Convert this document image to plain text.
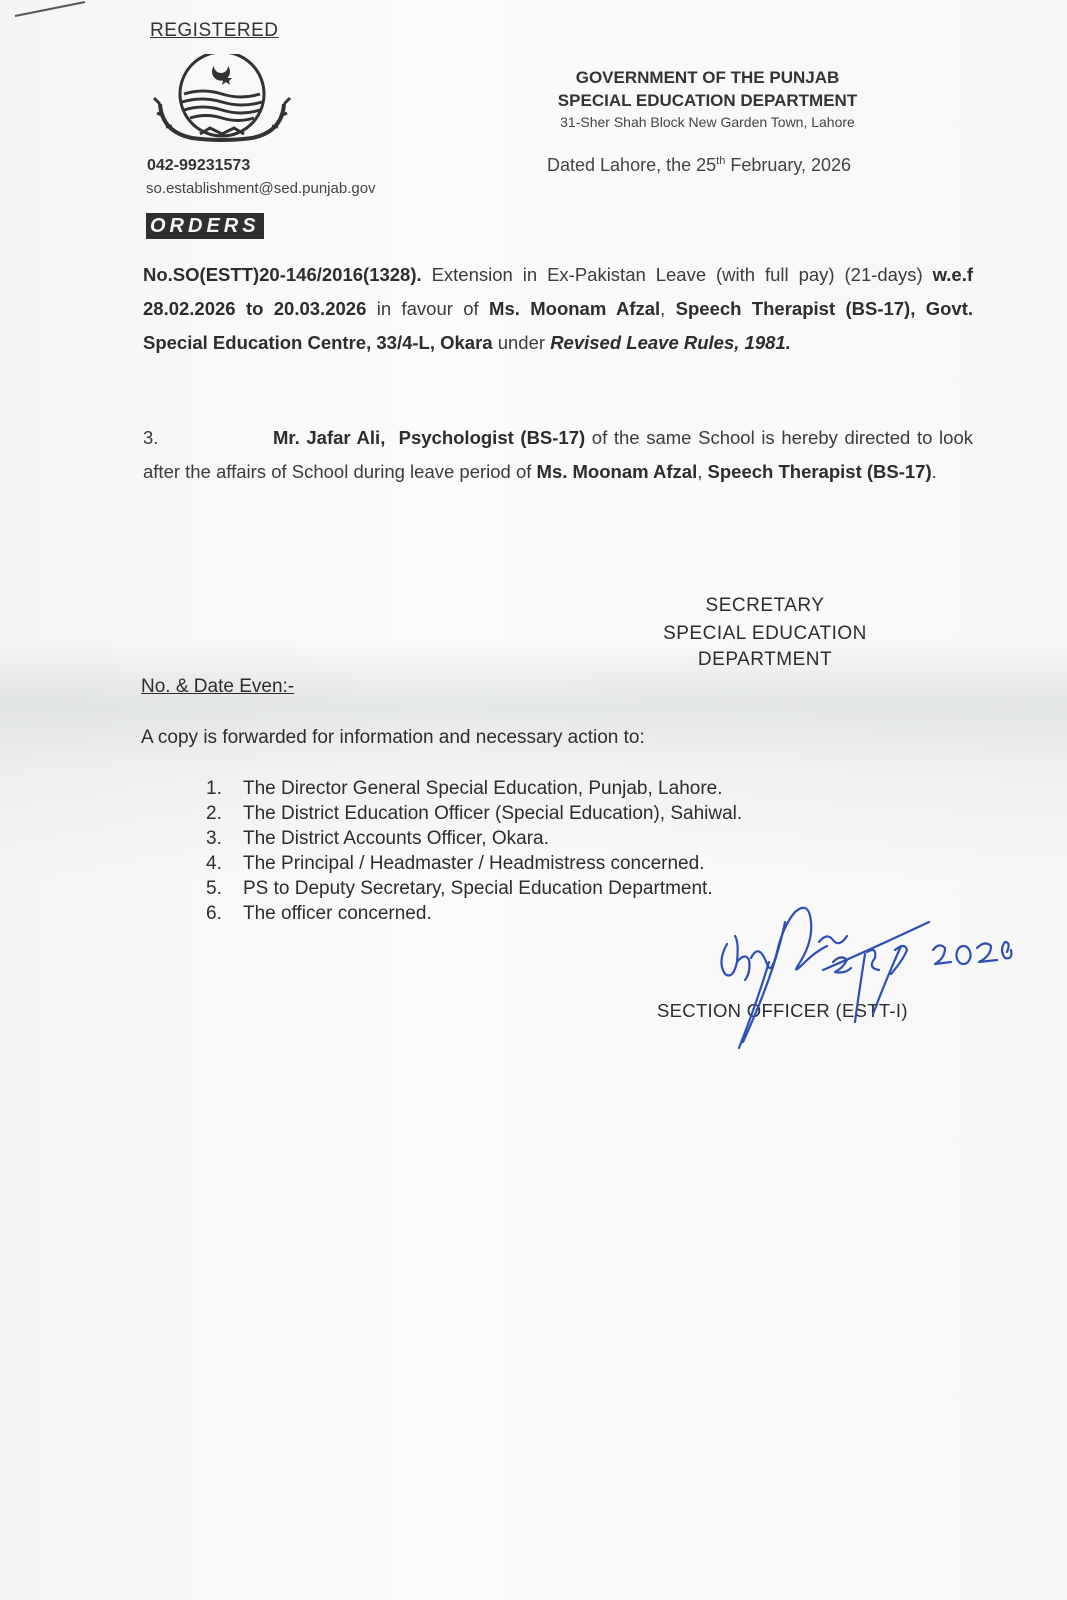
REGISTERED
042-99231573
so.establishment@sed.punjab.gov
GOVERNMENT OF THE PUNJAB
SPECIAL EDUCATION DEPARTMENT
31-Sher Shah Block New Garden Town, Lahore
Dated Lahore, the 25th February, 2026
ORDERS
No.SO(ESTT)20-146/2016(1328). Extension in Ex-Pakistan Leave (with full pay) (21-days) w.e.f 28.02.2026 to 20.03.2026 in favour of Ms. Moonam Afzal, Speech Therapist (BS-17), Govt. Special Education Centre, 33/4-L, Okara under Revised Leave Rules, 1981.
3.	Mr. Jafar Ali, Psychologist (BS-17) of the same School is hereby directed to look after the affairs of School during leave period of Ms. Moonam Afzal, Speech Therapist (BS-17).
SECRETARY
SPECIAL EDUCATION
DEPARTMENT
No. & Date Even:-
A copy is forwarded for information and necessary action to:
1. The Director General Special Education, Punjab, Lahore.
2. The District Education Officer (Special Education), Sahiwal.
3. The District Accounts Officer, Okara.
4. The Principal / Headmaster / Headmistress concerned.
5. PS to Deputy Secretary, Special Education Department.
6. The officer concerned.
SECTION OFFICER (ESTT-I)
